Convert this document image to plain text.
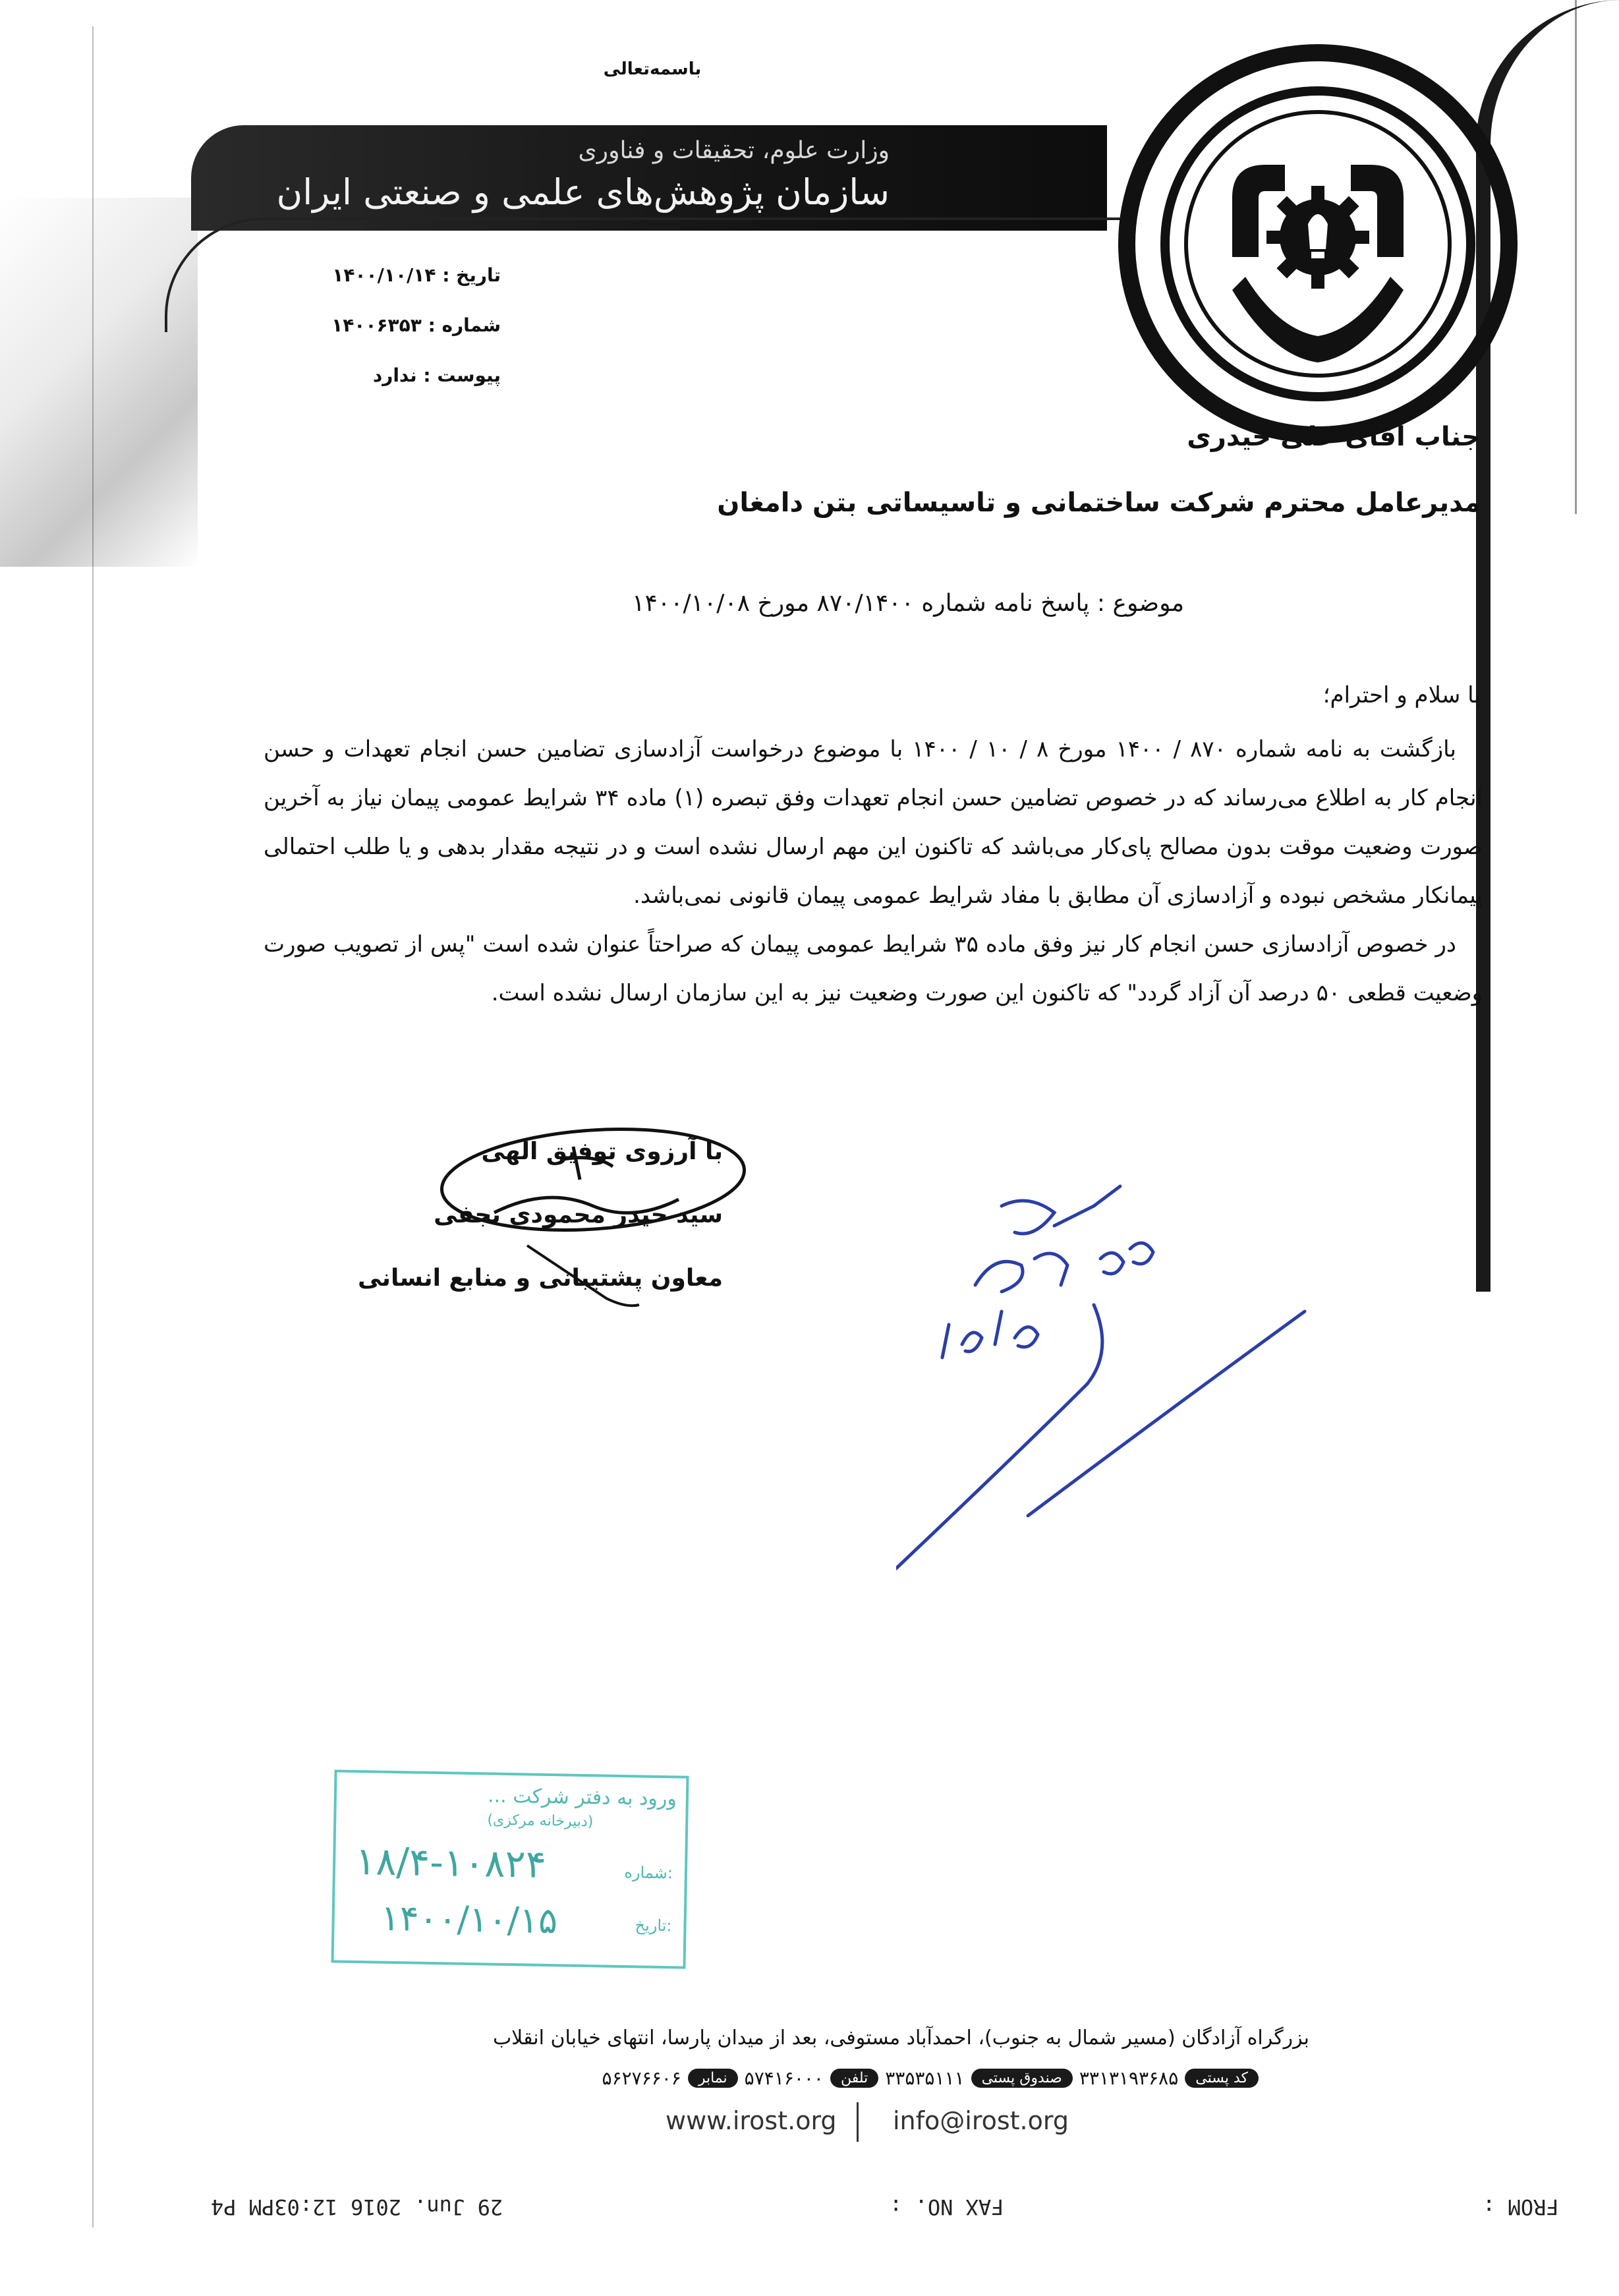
باسمه‌تعالی
وزارت علوم، تحقیقات و فناوری
سازمان پژوهش‌های علمی و صنعتی ایران
تاریخ : ۱۴۰۰/۱۰/۱۴
شماره : ۱۴۰۰۶۳۵۳
پیوست : ندارد
جناب آقای علی حیدری
مدیرعامل محترم شرکت ساختمانی و تاسیساتی بتن دامغان
موضوع : پاسخ نامه شماره ۸۷۰/۱۴۰۰ مورخ ۱۴۰۰/۱۰/۰۸
با سلام و احترام؛

بازگشت به نامه شماره ۸۷۰ / ۱۴۰۰ مورخ ۸ / ۱۰ / ۱۴۰۰ با موضوع درخواست آزادسازی تضامین حسن انجام تعهدات و حسن انجام کار به اطلاع می‌رساند که در خصوص تضامین حسن انجام تعهدات وفق تبصره (۱) ماده ۳۴ شرایط عمومی پیمان نیاز به آخرین صورت وضعیت موقت بدون مصالح پای‌کار می‌باشد که تاکنون این مهم ارسال نشده است و در نتیجه مقدار بدهی و یا طلب احتمالی پیمانکار مشخص نبوده و آزادسازی آن مطابق با مفاد شرایط عمومی پیمان قانونی نمی‌باشد.

در خصوص آزادسازی حسن انجام کار نیز وفق ماده ۳۵ شرایط عمومی پیمان که صراحتاً عنوان شده است "پس از تصویب صورت وضعیت قطعی ۵۰ درصد آن آزاد گردد" که تاکنون این صورت وضعیت نیز به این سازمان ارسال نشده است.

با آرزوی توفیق الهی
سید حیدر محمودی نجفی
معاون پشتیبانی و منابع انسانی
ورود به دفتر شرکت ...
(دبیرخانه مرکزی)
شماره:
تاریخ:
۱۸/۴-۱۰۸۲۴
۱۴۰۰/۱۰/۱۵
بزرگراه آزادگان (مسیر شمال به جنوب)، احمدآباد مستوفی، بعد از میدان پارسا، انتهای خیابان انقلاب
کد پستی
۳۳۱۳۱۹۳۶۸۵
صندوق پستی
۳۳۵۳۵۱۱۱
تلفن
۵۷۴۱۶۰۰۰
نمابر
۵۶۲۷۶۶۰۶
www.irost.org info@irost.org
29 Jun. 2016 12:03PM P4	FAX NO. :	FROM :
